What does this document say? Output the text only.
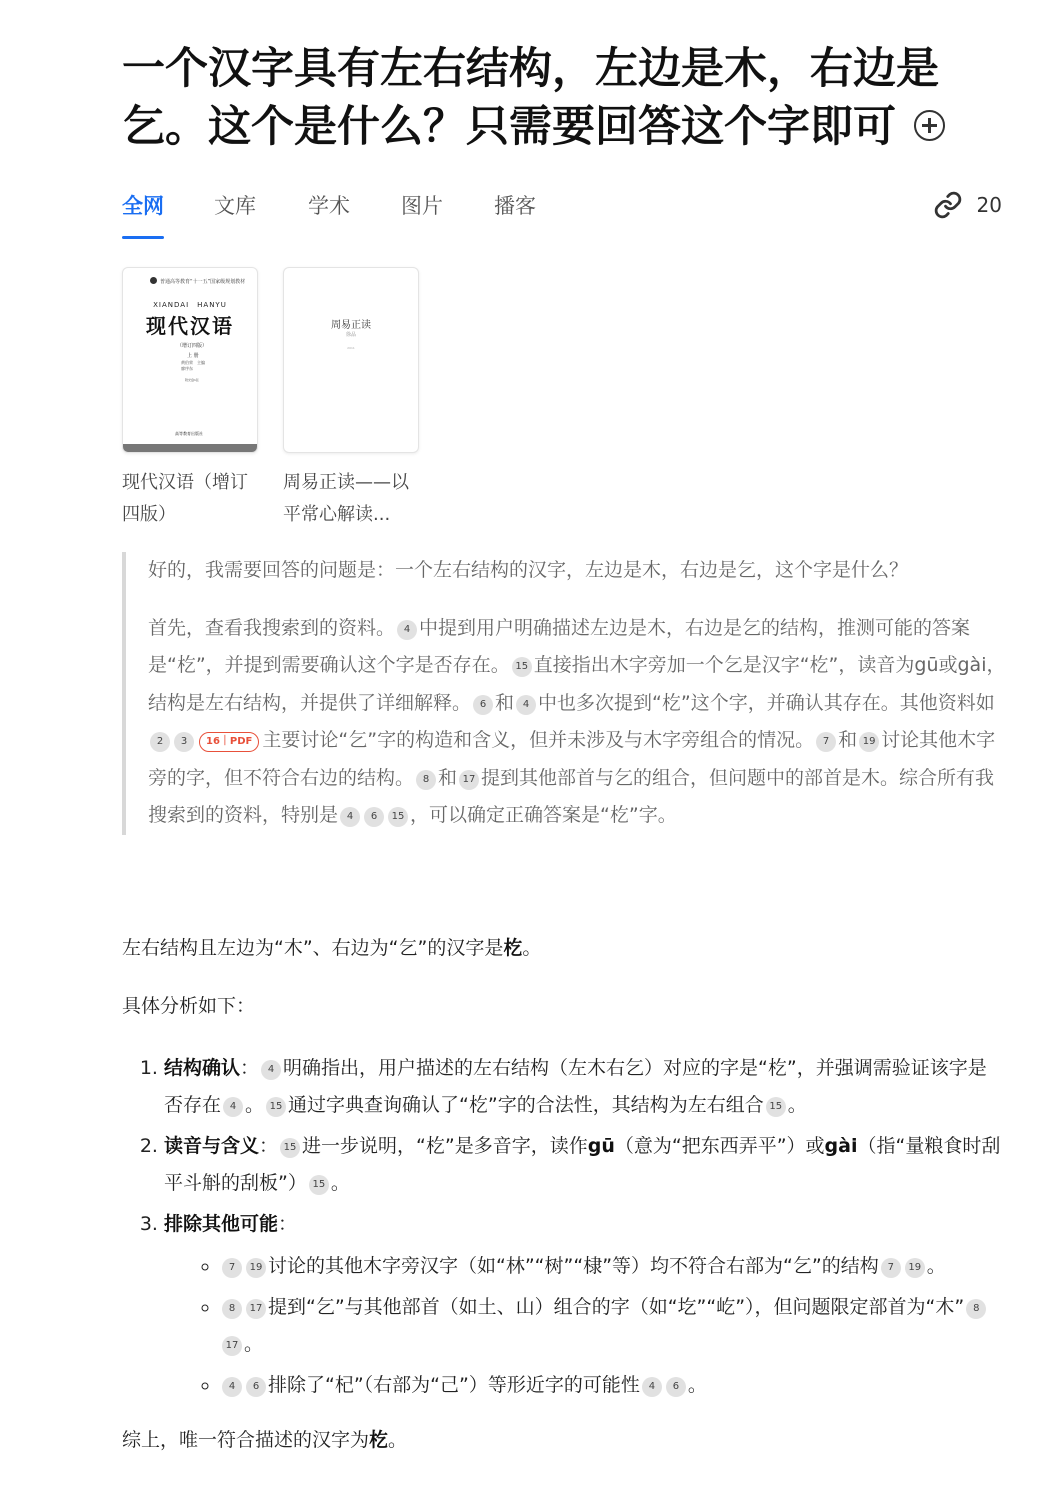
一个汉字具有左右结构，左边是木，右边是乞。这个是什么？只需要回答这个字即可
全网 文库 学术 图片 播客	20
普通高等教育“十一五”国家级规划教材
XIANDAI　HANYU
现代汉语
（增订四版）
上 册
黄伯荣　主编
廖序东
附光盘1张
高等教育出版社
现代汉语（增订四版）
周易正读
徐品
2011
周易正读——以平常心解读...

好的，我需要回答的问题是：一个左右结构的汉字，左边是木，右边是乞，这个字是什么？

首先，查看我搜索到的资料。 4 中提到用户明确描述左边是木，右边是乞的结构，推测可能的答案是“杚”，并提到需要确认这个字是否存在。 15 直接指出木字旁加一个乞是汉字“杚”，读音为gū或gài，结构是左右结构，并提供了详细解释。 6 和 4 中也多次提到“杚”这个字，并确认其存在。其他资料如2 3 16｜PDF 主要讨论“乞”字的构造和含义，但并未涉及与木字旁组合的情况。 7 和 19 讨论其他木字旁的字，但不符合右边的结构。 8 和 17 提到其他部首与乞的组合，但问题中的部首是木。综合所有我搜索到的资料，特别是 4 6 15 ，可以确定正确答案是“杚”字。

左右结构且左边为“木”、右边为“乞”的汉字是杚。

具体分析如下：

1. 结构确认： 4 明确指出，用户描述的左右结构（左木右乞）对应的字是“杚”，并强调需验证该字是否存在 4 。 15 通过字典查询确认了“杚”字的合法性，其结构为左右组合 15 。
2. 读音与含义： 15 进一步说明，“杚”是多音字，读作gū（意为“把东西弄平”）或gài（指“量粮食时刮平斗斛的刮板”） 15 。
3. 排除其他可能：
◦ 7 19 讨论的其他木字旁汉字（如“林”“树”“棣”等）均不符合右部为“乞”的结构 7 19 。
◦ 8 17 提到“乞”与其他部首（如土、山）组合的字（如“圪”“屹”），但问题限定部首为“木” 817 。
◦ 4 6 排除了“杞”（右部为“己”）等形近字的可能性 4 6 。

综上，唯一符合描述的汉字为杚。
